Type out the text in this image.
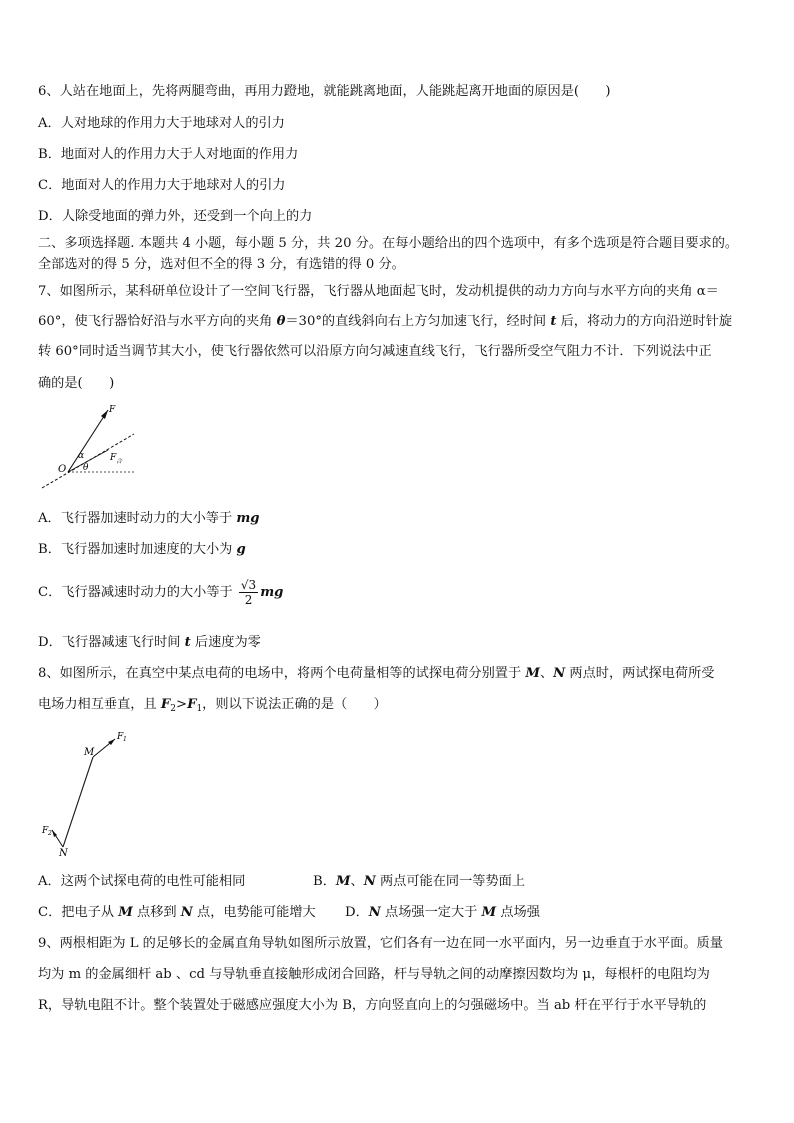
6、人站在地面上，先将两腿弯曲，再用力蹬地，就能跳离地面，人能跳起离开地面的原因是(　　)
A．人对地球的作用力大于地球对人的引力
B．地面对人的作用力大于人对地面的作用力
C．地面对人的作用力大于地球对人的引力
D．人除受地面的弹力外，还受到一个向上的力
二、多项选择题. 本题共 4 小题，每小题 5 分，共 20 分。在每小题给出的四个选项中，有多个选项是符合题目要求的。
全部选对的得 5 分，选对但不全的得 3 分，有选错的得 0 分。
7、如图所示，某科研单位设计了一空间飞行器，飞行器从地面起飞时，发动机提供的动力方向与水平方向的夹角 α＝
60°，使飞行器恰好沿与水平方向的夹角 θ＝30°的直线斜向右上方匀加速飞行，经时间 t 后，将动力的方向沿逆时针旋
转 60°同时适当调节其大小，使飞行器依然可以沿原方向匀减速直线飞行，飞行器所受空气阻力不计．下列说法中正
确的是(　　)
F
α
θ
O
F 合
A．飞行器加速时动力的大小等于 mg
B．飞行器加速时加速度的大小为 g
C．飞行器减速时动力的大小等于 $\frac{√3}{2}$ mg
D．飞行器减速飞行时间 t 后速度为零
8、如图所示，在真空中某点电荷的电场中，将两个电荷量相等的试探电荷分别置于 M、N 两点时，两试探电荷所受
电场力相互垂直，且 $F_2>F_1$，则以下说法正确的是（　　）
M
N
F 1
F 2
A．这两个试探电荷的电性可能相同	B．M、N 两点可能在同一等势面上
C．把电子从 M 点移到 N 点，电势能可能增大 D．N 点场强一定大于 M 点场强
9、两根相距为 L 的足够长的金属直角导轨如图所示放置，它们各有一边在同一水平面内，另一边垂直于水平面。质量
均为 m 的金属细杆 ab 、cd 与导轨垂直接触形成闭合回路，杆与导轨之间的动摩擦因数均为 μ，每根杆的电阻均为
R，导轨电阻不计。整个装置处于磁感应强度大小为 B，方向竖直向上的匀强磁场中。当 ab 杆在平行于水平导轨的
